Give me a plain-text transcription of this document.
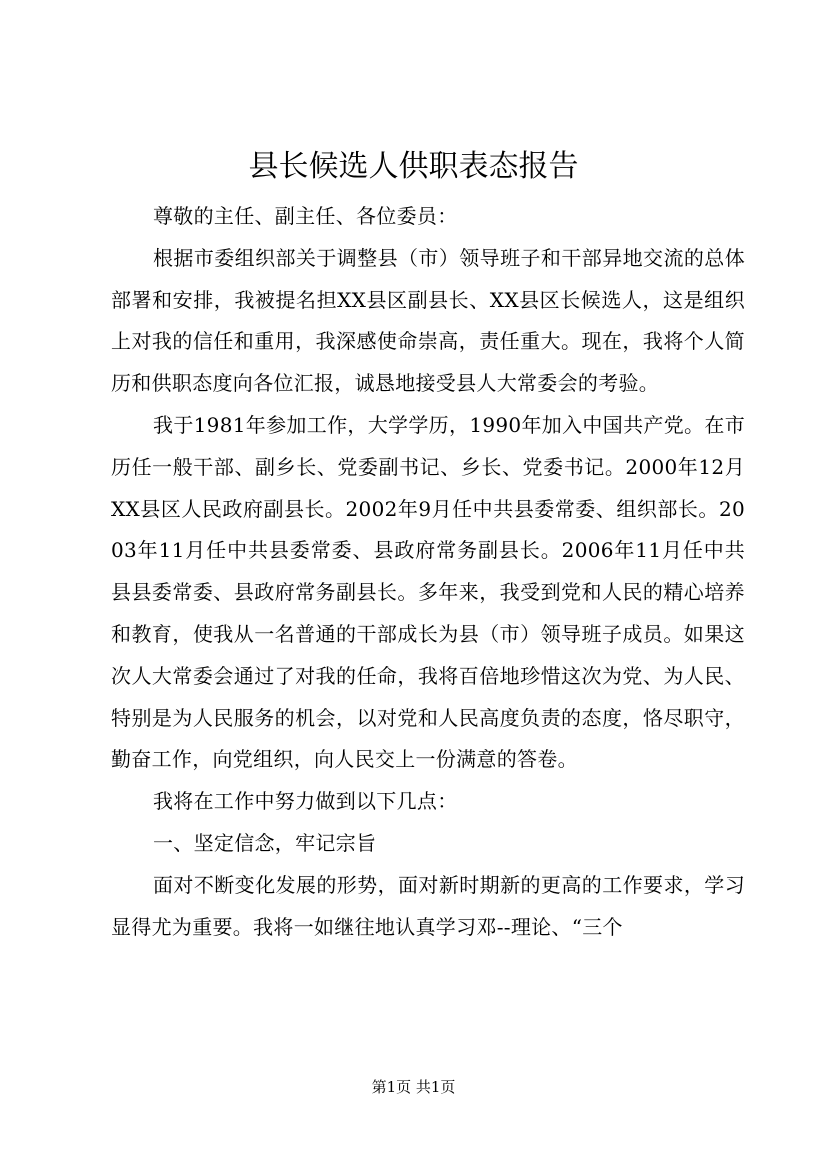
县长候选人供职表态报告

尊敬的主任、副主任、各位委员：

根据市委组织部关于调整县（市）领导班子和干部异地交流的总体部署和安排，我被提名担XX县区副县长、XX县区长候选人，这是组织上对我的信任和重用，我深感使命崇高，责任重大。现在，我将个人简历和供职态度向各位汇报，诚恳地接受县人大常委会的考验。

我于1981年参加工作，大学学历，1990年加入中国共产党。在市历任一般干部、副乡长、党委副书记、乡长、党委书记。2000年12月XX县区人民政府副县长。2002年9月任中共县委常委、组织部长。2003年11月任中共县委常委、县政府常务副县长。2006年11月任中共县县委常委、县政府常务副县长。多年来，我受到党和人民的精心培养和教育，使我从一名普通的干部成长为县（市）领导班子成员。如果这次人大常委会通过了对我的任命，我将百倍地珍惜这次为党、为人民、特别是为人民服务的机会，以对党和人民高度负责的态度，恪尽职守，勤奋工作，向党组织，向人民交上一份满意的答卷。

我将在工作中努力做到以下几点：

一、坚定信念，牢记宗旨

面对不断变化发展的形势，面对新时期新的更高的工作要求，学习显得尤为重要。我将一如继往地认真学习邓--理论、“三个

第1页 共1页
